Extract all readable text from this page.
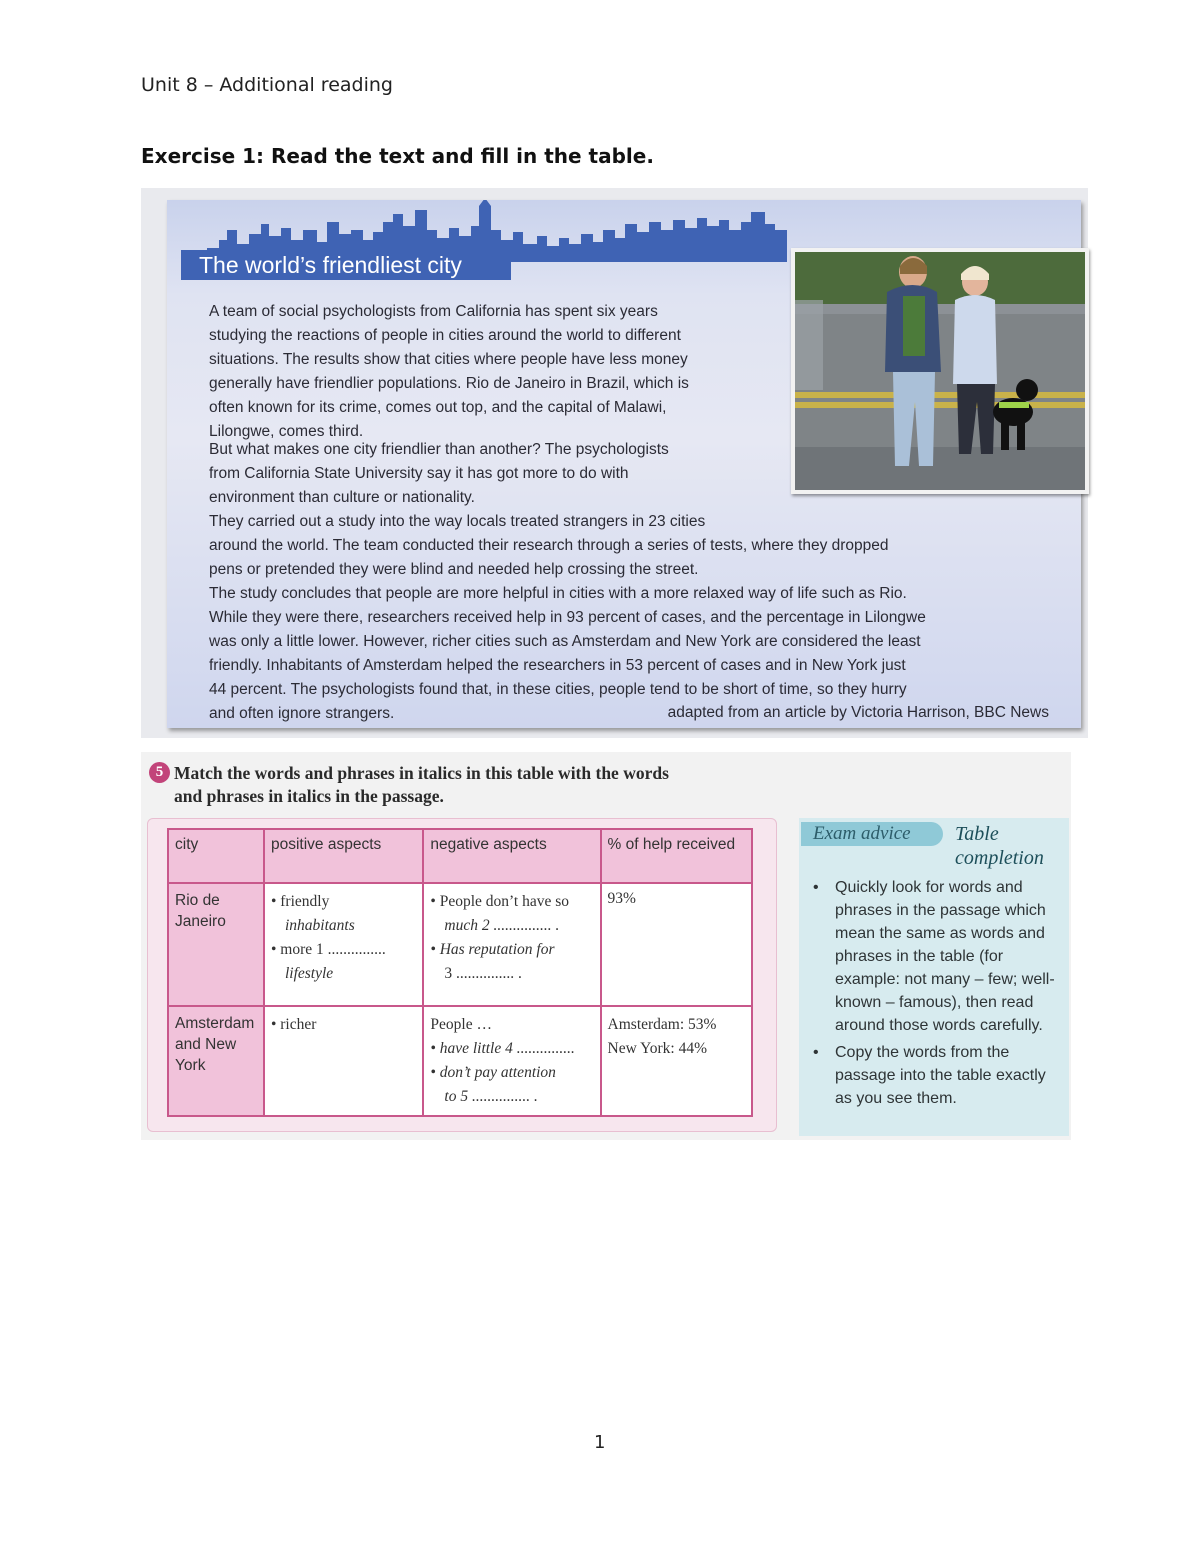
Unit 8 – Additional reading
Exercise 1: Read the text and fill in the table.
The world’s friendliest city
A team of social psychologists from California has spent six years
studying the reactions of people in cities around the world to different
situations. The results show that cities where people have less money
generally have friendlier populations. Rio de Janeiro in Brazil, which is
often known for its crime, comes out top, and the capital of Malawi,
Lilongwe, comes third.
But what makes one city friendlier than another? The psychologists
from California State University say it has got more to do with
environment than culture or nationality.
They carried out a study into the way locals treated strangers in 23 cities
around the world. The team conducted their research through a series of tests, where they dropped
pens or pretended they were blind and needed help crossing the street.
The study concludes that people are more helpful in cities with a more relaxed way of life such as Rio.
While they were there, researchers received help in 93 percent of cases, and the percentage in Lilongwe
was only a little lower. However, richer cities such as Amsterdam and New York are considered the least
friendly. Inhabitants of Amsterdam helped the researchers in 53 percent of cases and in New York just
44 percent. The psychologists found that, in these cities, people tend to be short of time, so they hurry
and often ignore strangers.	adapted from an article by Victoria Harrison, BBC News
5 Match the words and phrases in italics in this table with the words
and phrases in italics in the passage.
city	positive aspects	negative aspects	% of help received

Rio de
Janeiro	• friendly
inhabitants
• more 1 ...............
lifestyle	• People don’t have so
much 2 ............... .
• Has reputation for
3 ............... .	93%

Amsterdam
and New
York	• richer	People …
• have little 4 ...............
• don’t pay attention
to 5 ............... .	Amsterdam: 53%
New York: 44%
Exam advice	Table
completion
• Quickly look for words and phrases in the passage which mean the same as words and phrases in the table (for example: not many – few; well-known – famous), then read around those words carefully.
• Copy the words from the passage into the table exactly as you see them.
1
